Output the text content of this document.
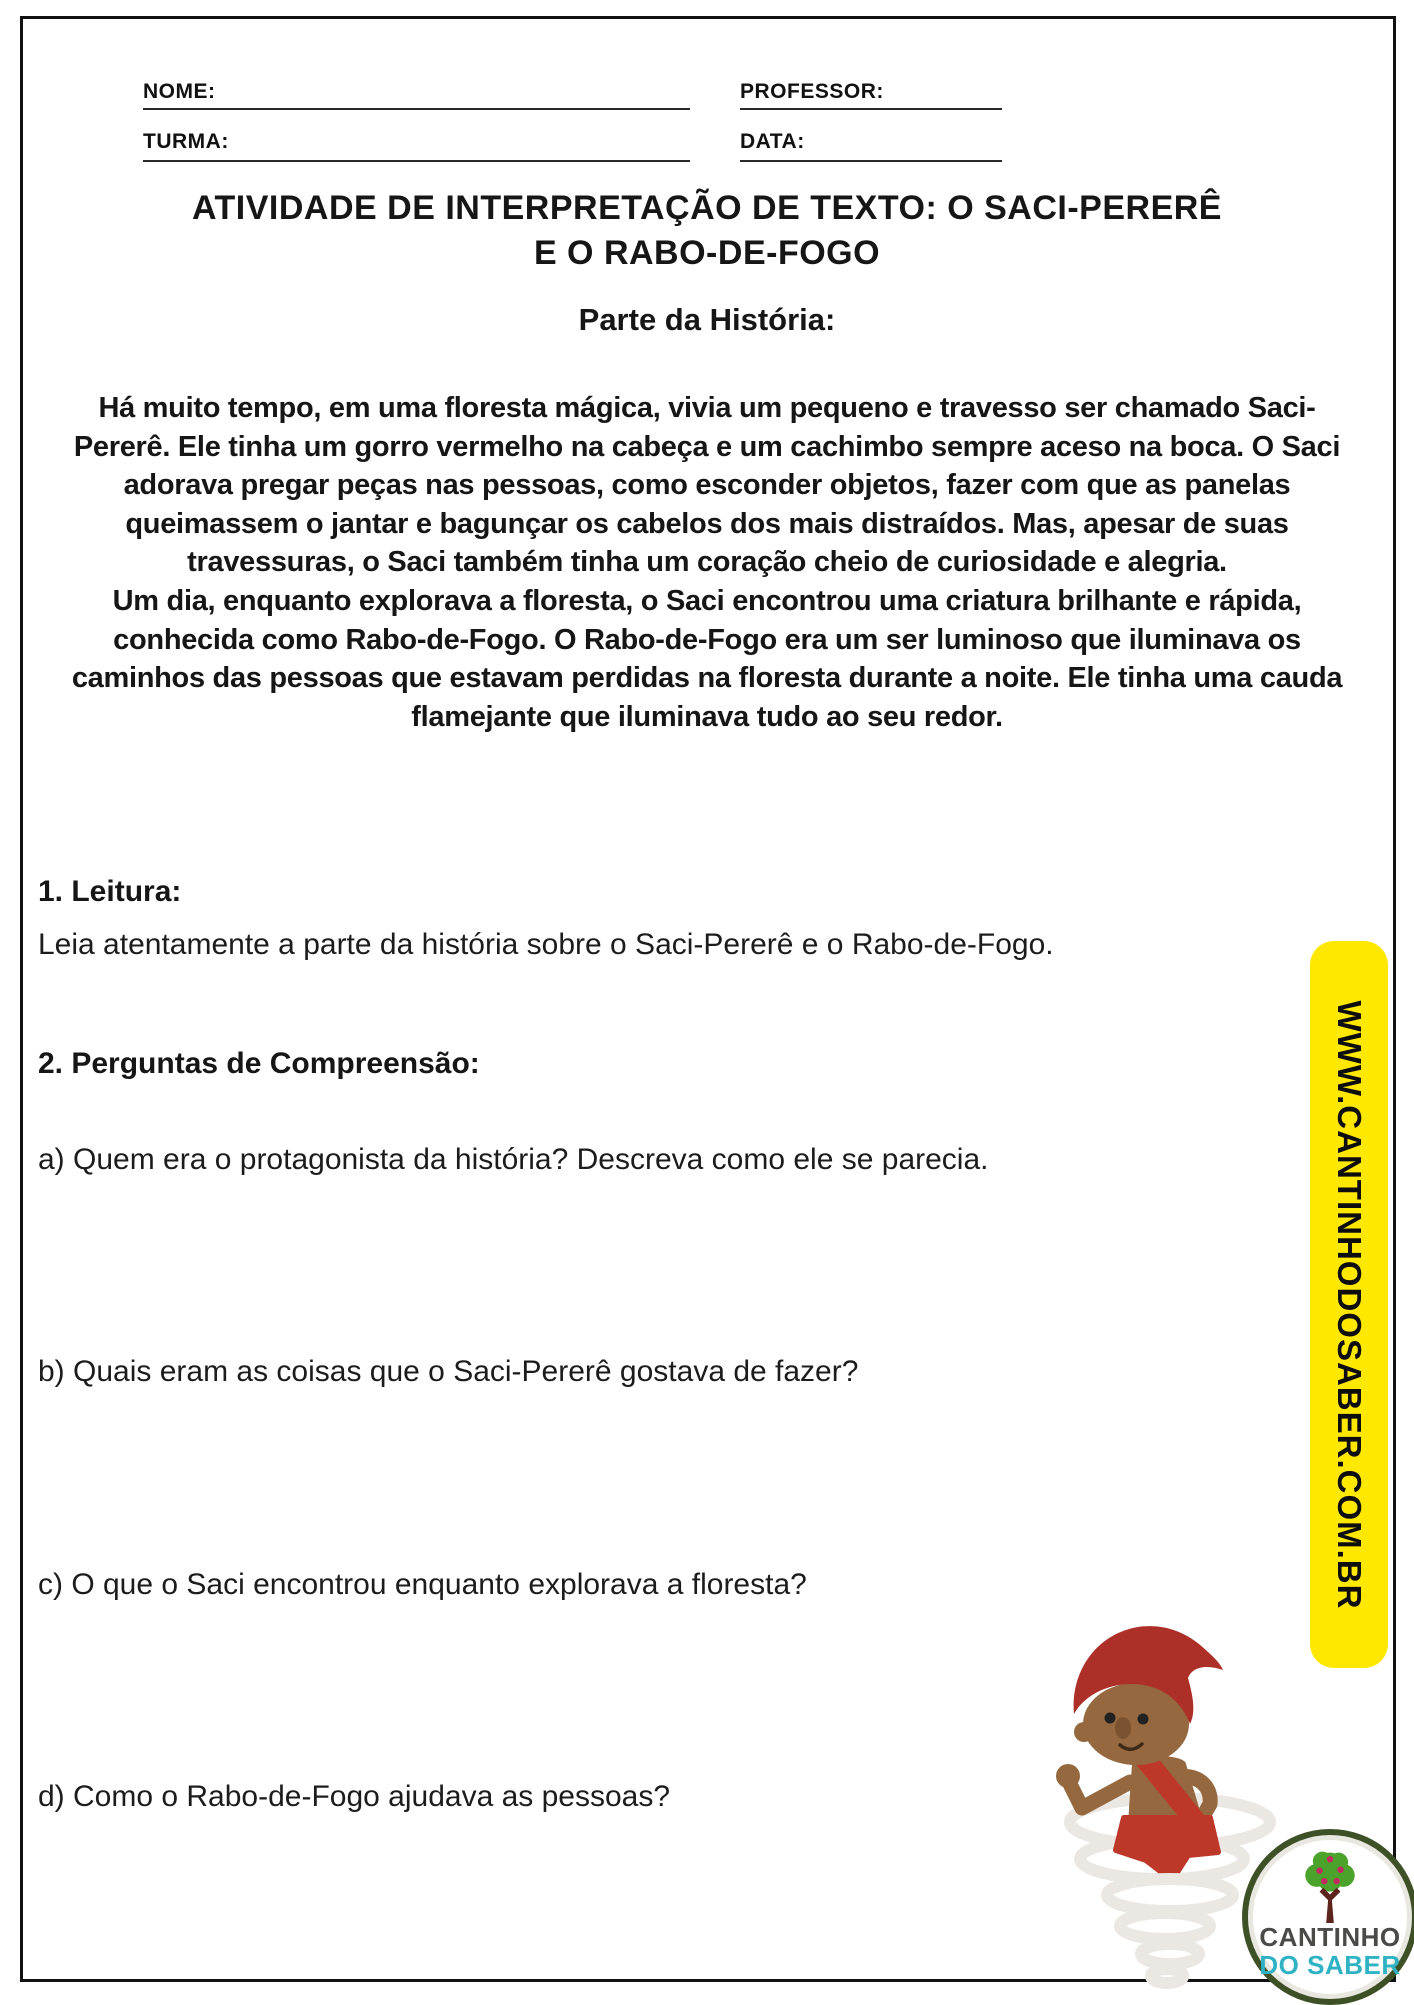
NOME:	PROFESSOR:
TURMA:	DATA:
ATIVIDADE DE INTERPRETAÇÃO DE TEXTO: O SACI-PERERÊ
E O RABO-DE-FOGO
Parte da História:

Há muito tempo, em uma floresta mágica, vivia um pequeno e travesso ser chamado Saci-Pererê. Ele tinha um gorro vermelho na cabeça e um cachimbo sempre aceso na boca. O Saci adorava pregar peças nas pessoas, como esconder objetos, fazer com que as panelas queimassem o jantar e bagunçar os cabelos dos mais distraídos. Mas, apesar de suas travessuras, o Saci também tinha um coração cheio de curiosidade e alegria.

Um dia, enquanto explorava a floresta, o Saci encontrou uma criatura brilhante e rápida, conhecida como Rabo-de-Fogo. O Rabo-de-Fogo era um ser luminoso que iluminava os caminhos das pessoas que estavam perdidas na floresta durante a noite. Ele tinha uma cauda flamejante que iluminava tudo ao seu redor.

1. Leitura:
Leia atentamente a parte da história sobre o Saci-Pererê e o Rabo-de-Fogo.
2. Perguntas de Compreensão:
a) Quem era o protagonista da história? Descreva como ele se parecia.
b) Quais eram as coisas que o Saci-Pererê gostava de fazer?
c) O que o Saci encontrou enquanto explorava a floresta?
d) Como o Rabo-de-Fogo ajudava as pessoas?
WWW.CANTINHODOSABER.COM.BR
CANTINHO
DO SABER
